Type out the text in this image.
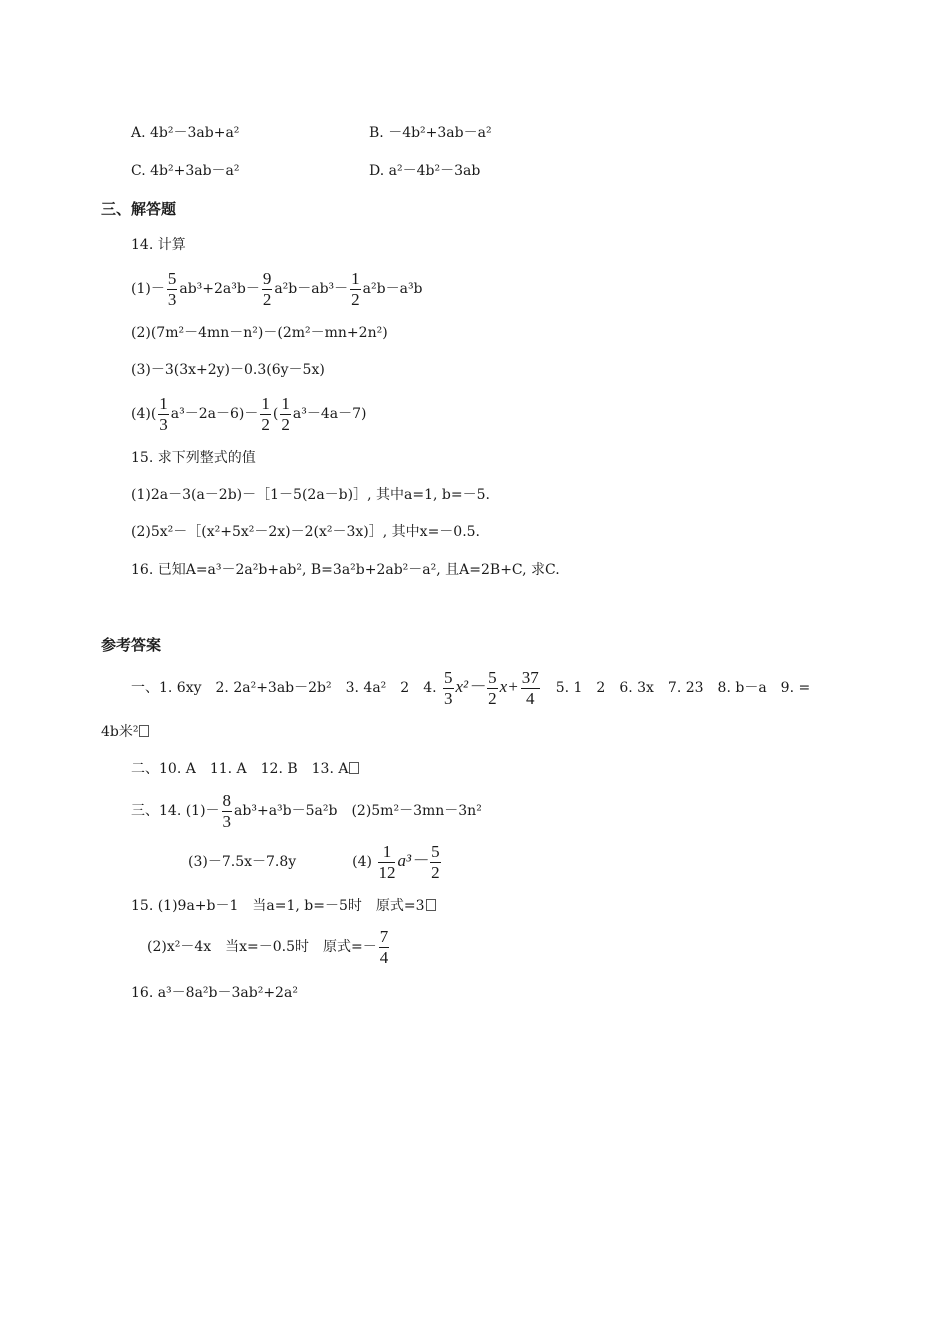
A. 4b²－3ab+a²	B. －4b²+3ab－a²
C. 4b²+3ab－a²	D. a²－4b²－3ab
三、解答题
14. 计算
$(1)- \frac{5}{3} ab^3+2a^3b- \frac{9}{2} a^2b-ab^3- \frac{1}{2} a^2b-a^3b$
(2)(7m²－4mn－n²)－(2m²－mn+2n²)
(3)－3(3x+2y)－0.3(6y－5x)
$(4)( \frac{1}{3} a^3-2a-6)- \frac{1}{2}$ ( $\frac{1}{2} a^3-4a-7$)
15. 求下列整式的值
(1)2a－3(a－2b)－［1－5(2a－b)］, 其中a=1, b=－5.
(2)5x²－［(x²+5x²－2x)－2(x²－3x)］, 其中x=－0.5.
16. 已知A=a³－2a²b+ab², B=3a²b+2ab²－a², 且A=2B+C, 求C.
参考答案
一、1. 6xy　2. 2a²+3ab－2b²　3. 4a²　2　4. $\frac{5}{3} x^2- \frac{5}{2} x+ \frac{37}{4}$ 　5. 1　2　6. 3x　7. 23　8. b－a　9. =
4b米²
二、10. A　11. A　12. B　13. A
三、14. $(1)- \frac{8}{3} ab^3+a^3b-5a^2b$　(2)5m²－3mn－3n²
(3)－7.5x－7.8y	$(4) \frac{1}{12} a^3- \frac{5}{2}$
15. (1)9a+b－1　当a=1, b=－5时　原式=3
(2)x²－4x　当x=－0.5时　原式=－ $\frac{7}{4}$
16. a³－8a²b－3ab²+2a²
